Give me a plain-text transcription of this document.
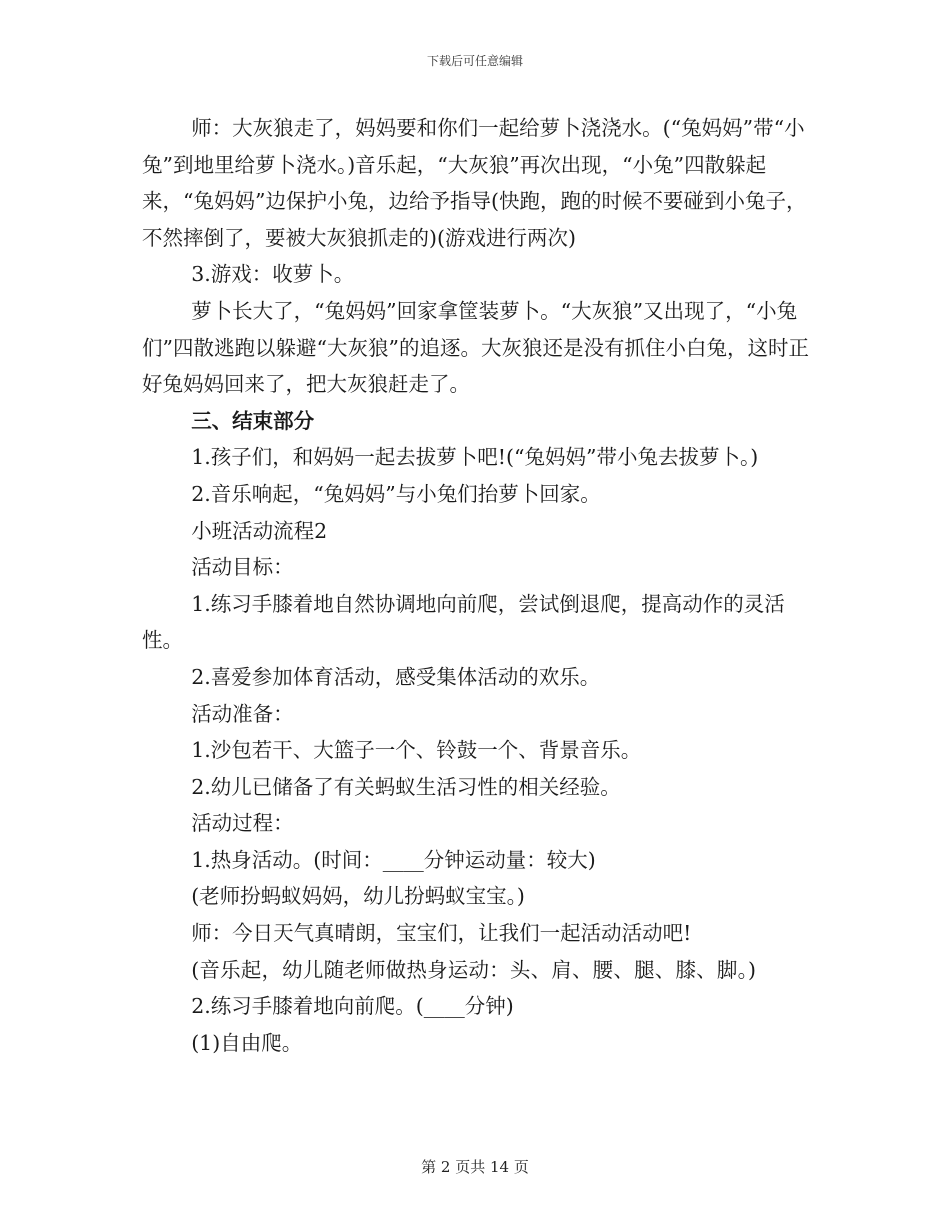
下载后可任意编辑

师：大灰狼走了，妈妈要和你们一起给萝卜浇浇水。(“兔妈妈”带“小兔”到地里给萝卜浇水。)音乐起，“大灰狼”再次出现，“小兔”四散躲起来，“兔妈妈”边保护小兔，边给予指导(快跑，跑的时候不要碰到小兔子，不然摔倒了，要被大灰狼抓走的)(游戏进行两次)

3.游戏：收萝卜。

萝卜长大了，“兔妈妈”回家拿筐装萝卜。“大灰狼”又出现了，“小兔们”四散逃跑以躲避“大灰狼”的追逐。大灰狼还是没有抓住小白兔，这时正好兔妈妈回来了，把大灰狼赶走了。

三、结束部分

1.孩子们，和妈妈一起去拔萝卜吧!(“兔妈妈”带小兔去拔萝卜。)

2.音乐响起，“兔妈妈”与小兔们抬萝卜回家。

小班活动流程2

活动目标：

1.练习手膝着地自然协调地向前爬，尝试倒退爬，提高动作的灵活性。

2.喜爱参加体育活动，感受集体活动的欢乐。

活动准备：

1.沙包若干、大篮子一个、铃鼓一个、背景音乐。

2.幼儿已储备了有关蚂蚁生活习性的相关经验。

活动过程：

1.热身活动。(时间：____分钟运动量：较大)

(老师扮蚂蚁妈妈，幼儿扮蚂蚁宝宝。)

师：今日天气真晴朗，宝宝们，让我们一起活动活动吧!

(音乐起，幼儿随老师做热身运动：头、肩、腰、腿、膝、脚。)

2.练习手膝着地向前爬。(____分钟)

(1)自由爬。

第 2 页共 14 页
